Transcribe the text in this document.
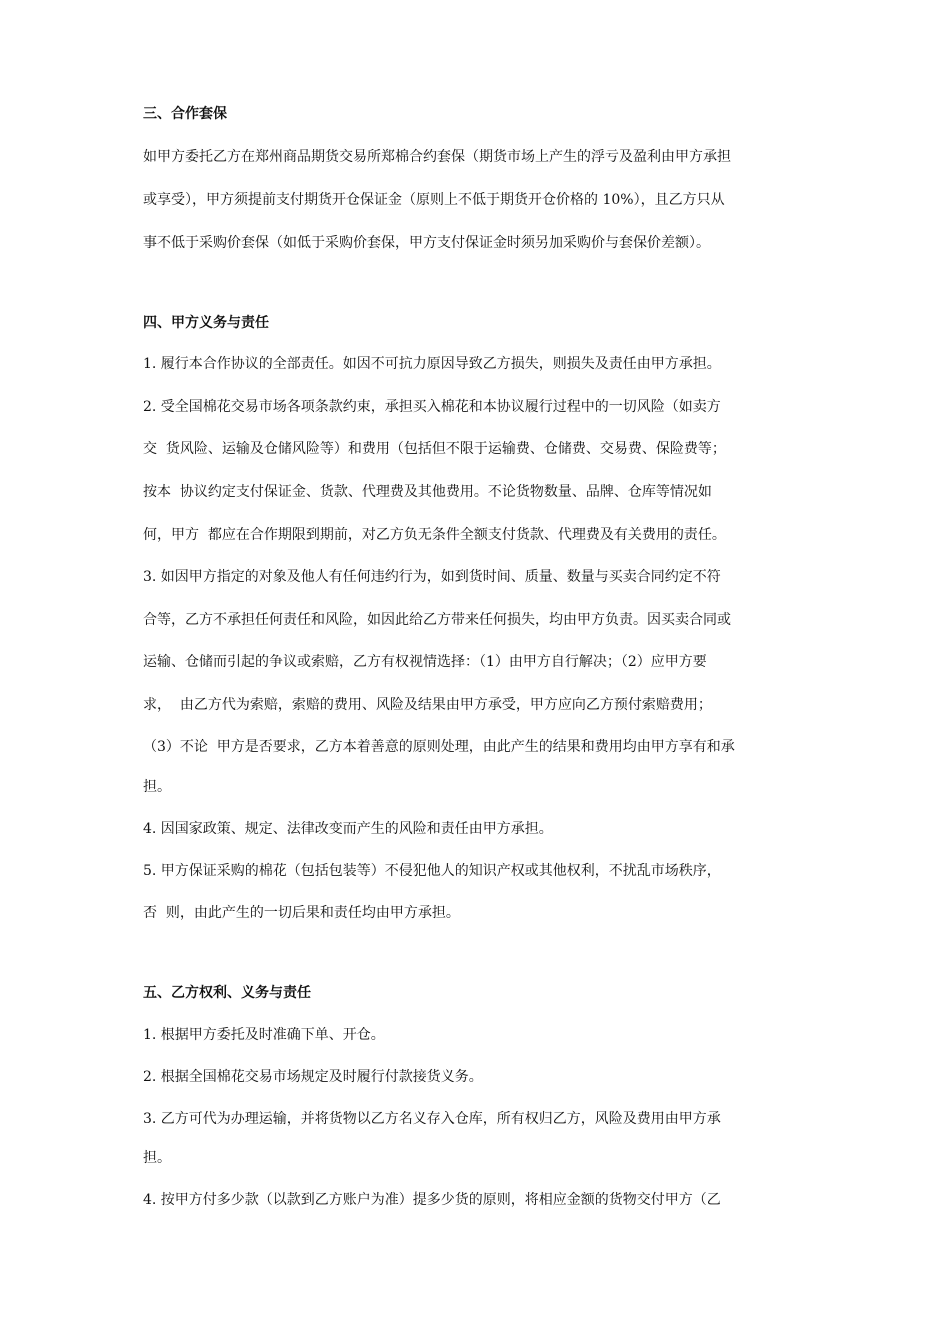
三、合作套保
如甲方委托乙方在郑州商品期货交易所郑棉合约套保（期货市场上产生的浮亏及盈利由甲方承担
或享受），甲方须提前支付期货开仓保证金（原则上不低于期货开仓价格的 10%），且乙方只从
事不低于采购价套保（如低于采购价套保，甲方支付保证金时须另加采购价与套保价差额）。
四、甲方义务与责任
1. 履行本合作协议的全部责任。如因不可抗力原因导致乙方损失，则损失及责任由甲方承担。
2. 受全国棉花交易市场各项条款约束，承担买入棉花和本协议履行过程中的一切风险（如卖方
交  货风险、运输及仓储风险等）和费用（包括但不限于运输费、仓储费、交易费、保险费等；
按本  协议约定支付保证金、货款、代理费及其他费用。不论货物数量、品牌、仓库等情况如
何，甲方  都应在合作期限到期前，对乙方负无条件全额支付货款、代理费及有关费用的责任。
3. 如因甲方指定的对象及他人有任何违约行为，如到货时间、质量、数量与买卖合同约定不符
合等，乙方不承担任何责任和风险，如因此给乙方带来任何损失，均由甲方负责。因买卖合同或
运输、仓储而引起的争议或索赔，乙方有权视情选择：（1）由甲方自行解决；（2）应甲方要
求，  由乙方代为索赔，索赔的费用、风险及结果由甲方承受，甲方应向乙方预付索赔费用；
（3）不论  甲方是否要求，乙方本着善意的原则处理，由此产生的结果和费用均由甲方享有和承
担。
4. 因国家政策、规定、法律改变而产生的风险和责任由甲方承担。
5. 甲方保证采购的棉花（包括包装等）不侵犯他人的知识产权或其他权利，不扰乱市场秩序，
否  则，由此产生的一切后果和责任均由甲方承担。
五、乙方权利、义务与责任
1. 根据甲方委托及时准确下单、开仓。
2. 根据全国棉花交易市场规定及时履行付款接货义务。
3. 乙方可代为办理运输，并将货物以乙方名义存入仓库，所有权归乙方，风险及费用由甲方承
担。
4. 按甲方付多少款（以款到乙方账户为准）提多少货的原则，将相应金额的货物交付甲方（乙
